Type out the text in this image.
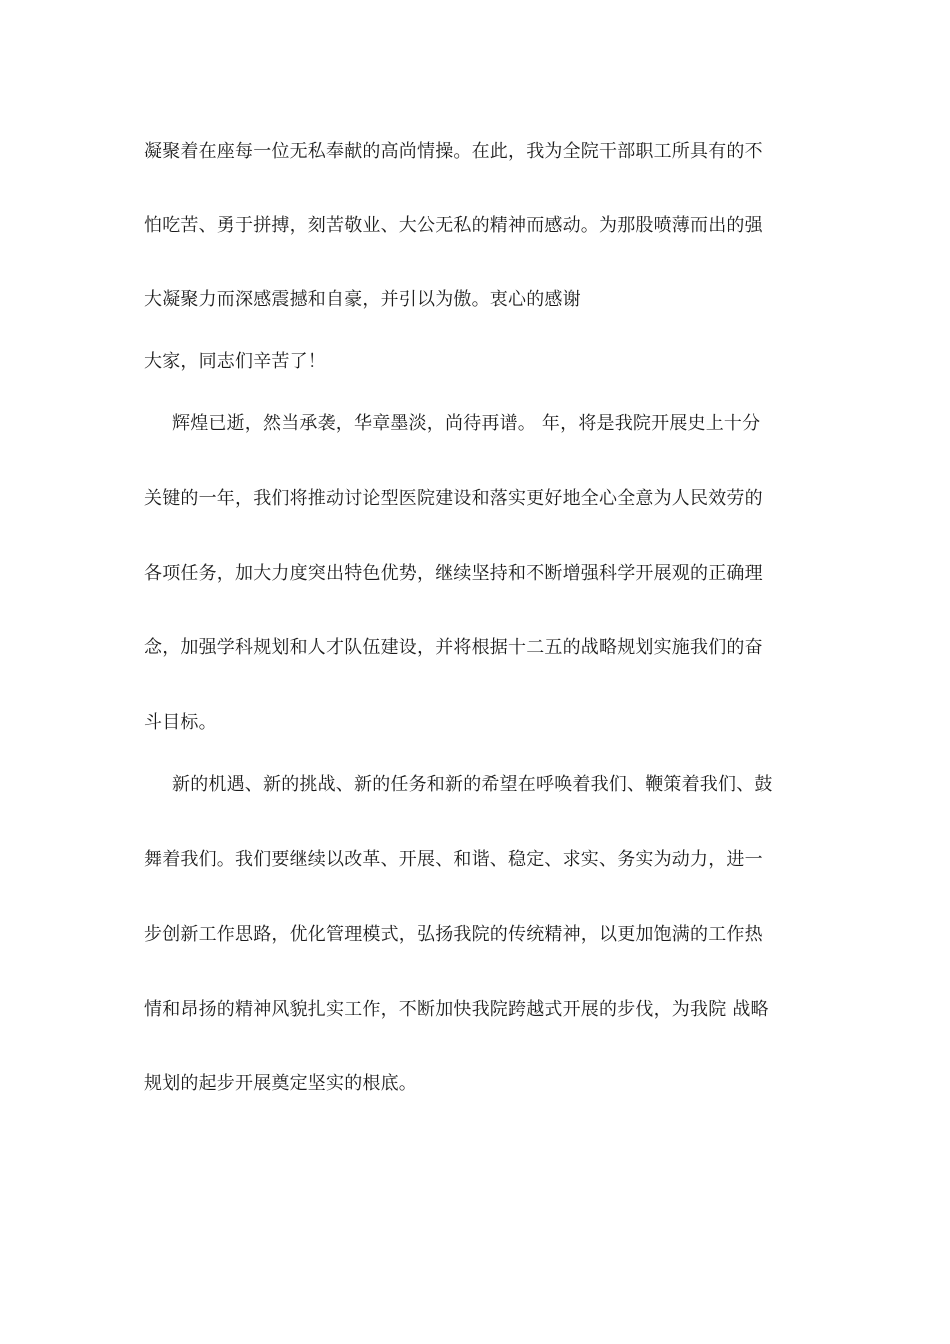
凝聚着在座每一位无私奉献的高尚情操。在此，我为全院干部职工所具有的不
怕吃苦、勇于拼搏，刻苦敬业、大公无私的精神而感动。为那股喷薄而出的强
大凝聚力而深感震撼和自豪，并引以为傲。衷心的感谢
大家，同志们辛苦了！
辉煌已逝，然当承袭，华章墨淡，尚待再谱。 年，将是我院开展史上十分
关键的一年，我们将推动讨论型医院建设和落实更好地全心全意为人民效劳的
各项任务，加大力度突出特色优势，继续坚持和不断增强科学开展观的正确理
念，加强学科规划和人才队伍建设，并将根据十二五的战略规划实施我们的奋
斗目标。
新的机遇、新的挑战、新的任务和新的希望在呼唤着我们、鞭策着我们、鼓
舞着我们。我们要继续以改革、开展、和谐、稳定、求实、务实为动力，进一
步创新工作思路，优化管理模式，弘扬我院的传统精神，以更加饱满的工作热
情和昂扬的精神风貌扎实工作，不断加快我院跨越式开展的步伐，为我院 战略
规划的起步开展奠定坚实的根底。
